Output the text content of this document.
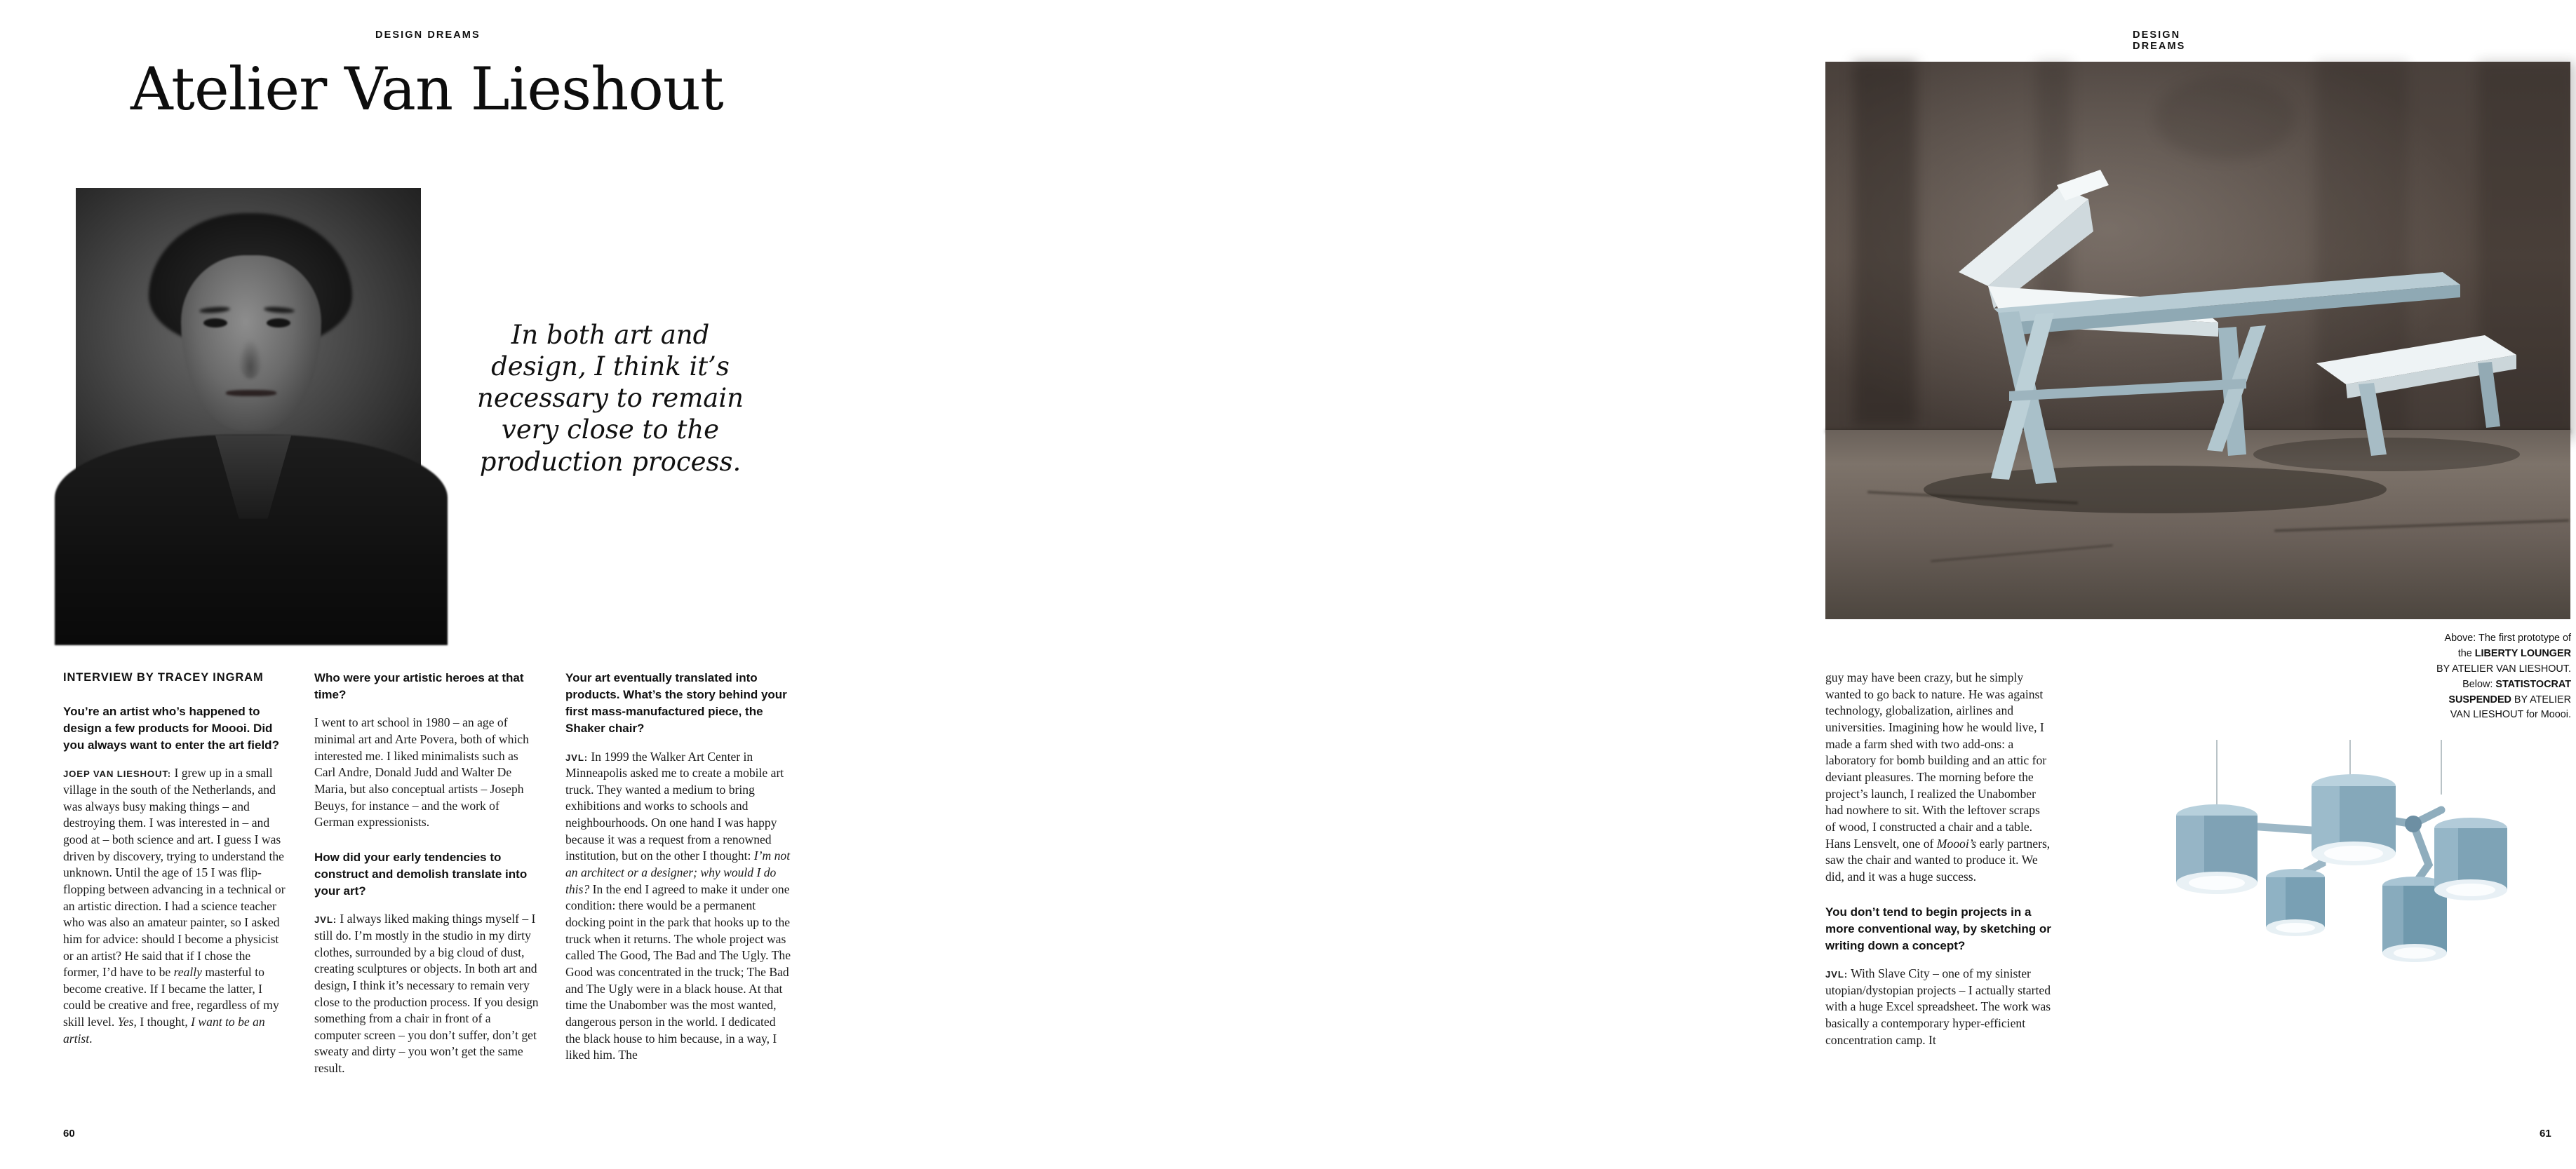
DESIGN DREAMS
Atelier Van Lieshout
In both art and design, I think it’s necessary to remain very close to the production process.

INTERVIEW BY TRACEY INGRAM

You’re an artist who’s happened to design a few products for Moooi. Did you always want to enter the art field?

JOEP VAN LIESHOUT: I grew up in a small village in the south of the Netherlands, and was always busy making things – and destroying them. I was interested in – and good at – both science and art. I guess I was driven by discovery, trying to understand the unknown. Until the age of 15 I was flip-flopping between advancing in a technical or an artistic direction. I had a science teacher who was also an amateur painter, so I asked him for advice: should I become a physicist or an artist? He said that if I chose the former, I’d have to be really masterful to become creative. If I became the latter, I could be creative and free, regardless of my skill level. Yes, I thought, I want to be an artist.

Who were your artistic heroes at that time?

I went to art school in 1980 – an age of minimal art and Arte Povera, both of which interested me. I liked minimalists such as Carl Andre, Donald Judd and Walter De Maria, but also conceptual artists – Joseph Beuys, for instance – and the work of German expressionists.

How did your early tendencies to construct and demolish translate into your art?

JVL: I always liked making things myself – I still do. I’m mostly in the studio in my dirty clothes, surrounded by a big cloud of dust, creating sculptures or objects. In both art and design, I think it’s necessary to remain very close to the production process. If you design something from a chair in front of a computer screen – you don’t suffer, don’t get sweaty and dirty – you won’t get the same result.

Your art eventually translated into products. What’s the story behind your first mass-manufactured piece, the Shaker chair?

JVL: In 1999 the Walker Art Center in Minneapolis asked me to create a mobile art truck. They wanted a medium to bring exhibitions and works to schools and neighbourhoods. On one hand I was happy because it was a request from a renowned institution, but on the other I thought: I’m not an architect or a designer; why would I do this? In the end I agreed to make it under one condition: there would be a permanent docking point in the park that hooks up to the truck when it returns. The whole project was called The Good, The Bad and The Ugly. The Good was concentrated in the truck; The Bad and The Ugly were in a black house. At that time the Unabomber was the most wanted, dangerous person in the world. I dedicated the black house to him because, in a way, I liked him. The

60
DESIGN DREAMS
Above: The first prototype of
the LIBERTY LOUNGER
BY ATELIER VAN LIESHOUT.
Below: STATISTOCRAT
SUSPENDED BY ATELIER
VAN LIESHOUT for Moooi.

guy may have been crazy, but he simply wanted to go back to nature. He was against technology, globalization, airlines and universities. Imagining how he would live, I made a farm shed with two add-ons: a laboratory for bomb building and an attic for deviant pleasures. The morning before the project’s launch, I realized the Unabomber had nowhere to sit. With the leftover scraps of wood, I constructed a chair and a table. Hans Lensvelt, one of Moooi’s early partners, saw the chair and wanted to produce it. We did, and it was a huge success.

You don’t tend to begin projects in a more conventional way, by sketching or writing down a concept?

JVL: With Slave City – one of my sinister utopian/dystopian projects – I actually started with a huge Excel spreadsheet. The work was basically a contemporary hyper-efficient concentration camp. It

61
